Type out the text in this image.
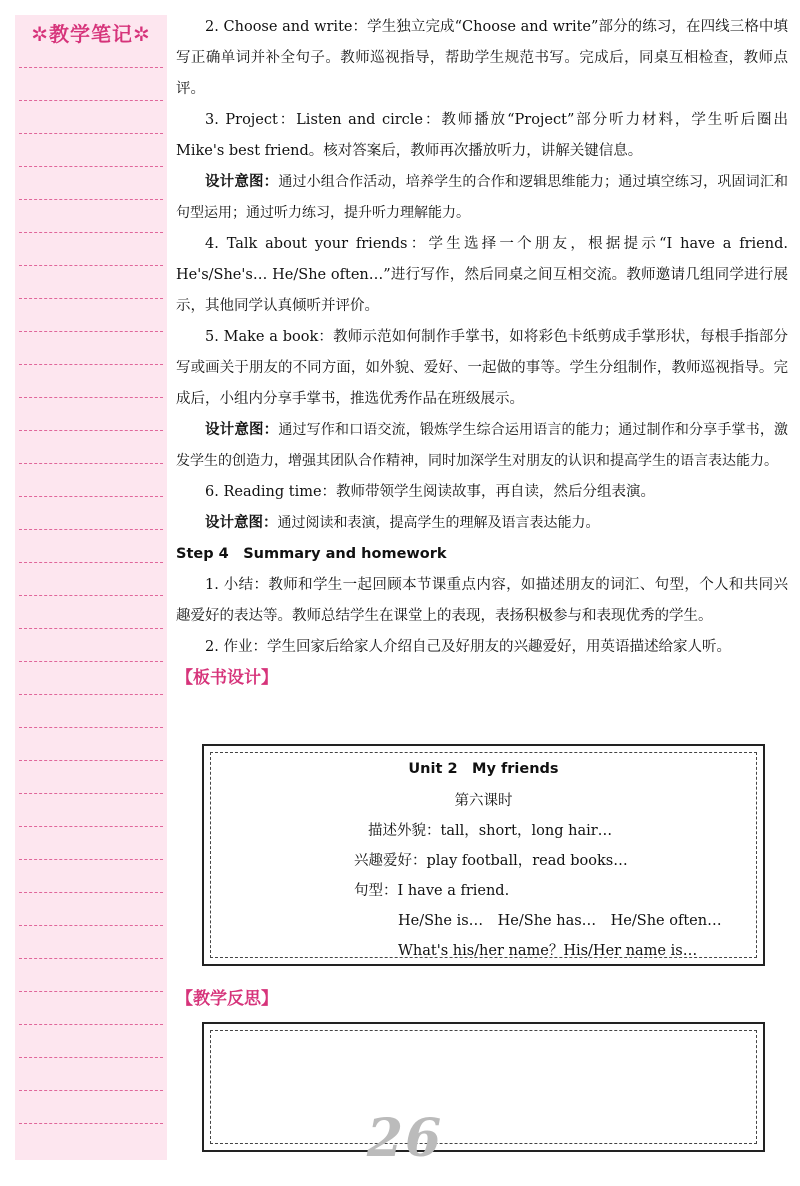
✲教学笔记✲	2. Choose and write：学生独立完成“Choose and write”部分的练习，在四线三格中填写正确单词并补全句子。教师巡视指导，帮助学生规范书写。完成后，同桌互相检查，教师点评。

3. Project：Listen and circle：教师播放“Project”部分听力材料，学生听后圈出 Mike's best friend。核对答案后，教师再次播放听力，讲解关键信息。

设计意图：通过小组合作活动，培养学生的合作和逻辑思维能力；通过填空练习，巩固词汇和句型运用；通过听力练习，提升听力理解能力。

4. Talk about your friends：学生选择一个朋友，根据提示“I have a friend. He's/She's… He/She often…”进行写作，然后同桌之间互相交流。教师邀请几组同学进行展示，其他同学认真倾听并评价。

5. Make a book：教师示范如何制作手掌书，如将彩色卡纸剪成手掌形状，每根手指部分写或画关于朋友的不同方面，如外貌、爱好、一起做的事等。学生分组制作，教师巡视指导。完成后，小组内分享手掌书，推选优秀作品在班级展示。

设计意图：通过写作和口语交流，锻炼学生综合运用语言的能力；通过制作和分享手掌书，激发学生的创造力，增强其团队合作精神，同时加深学生对朋友的认识和提高学生的语言表达能力。

6. Reading time：教师带领学生阅读故事，再自读，然后分组表演。

设计意图：通过阅读和表演，提高学生的理解及语言表达能力。

Step 4　Summary and homework

1. 小结：教师和学生一起回顾本节课重点内容，如描述朋友的词汇、句型，个人和共同兴趣爱好的表达等。教师总结学生在课堂上的表现，表扬积极参与和表现优秀的学生。

2. 作业：学生回家后给家人介绍自己及好朋友的兴趣爱好，用英语描述给家人听。

【板书设计】

Unit 2　My friends
第六课时
描述外貌：tall，short，long hair…
兴趣爱好：play football，read books…
句型：I have a friend.
He/She is…　He/She has…　He/She often…
What's his/her name？His/Her name is…
【教学反思】
26
